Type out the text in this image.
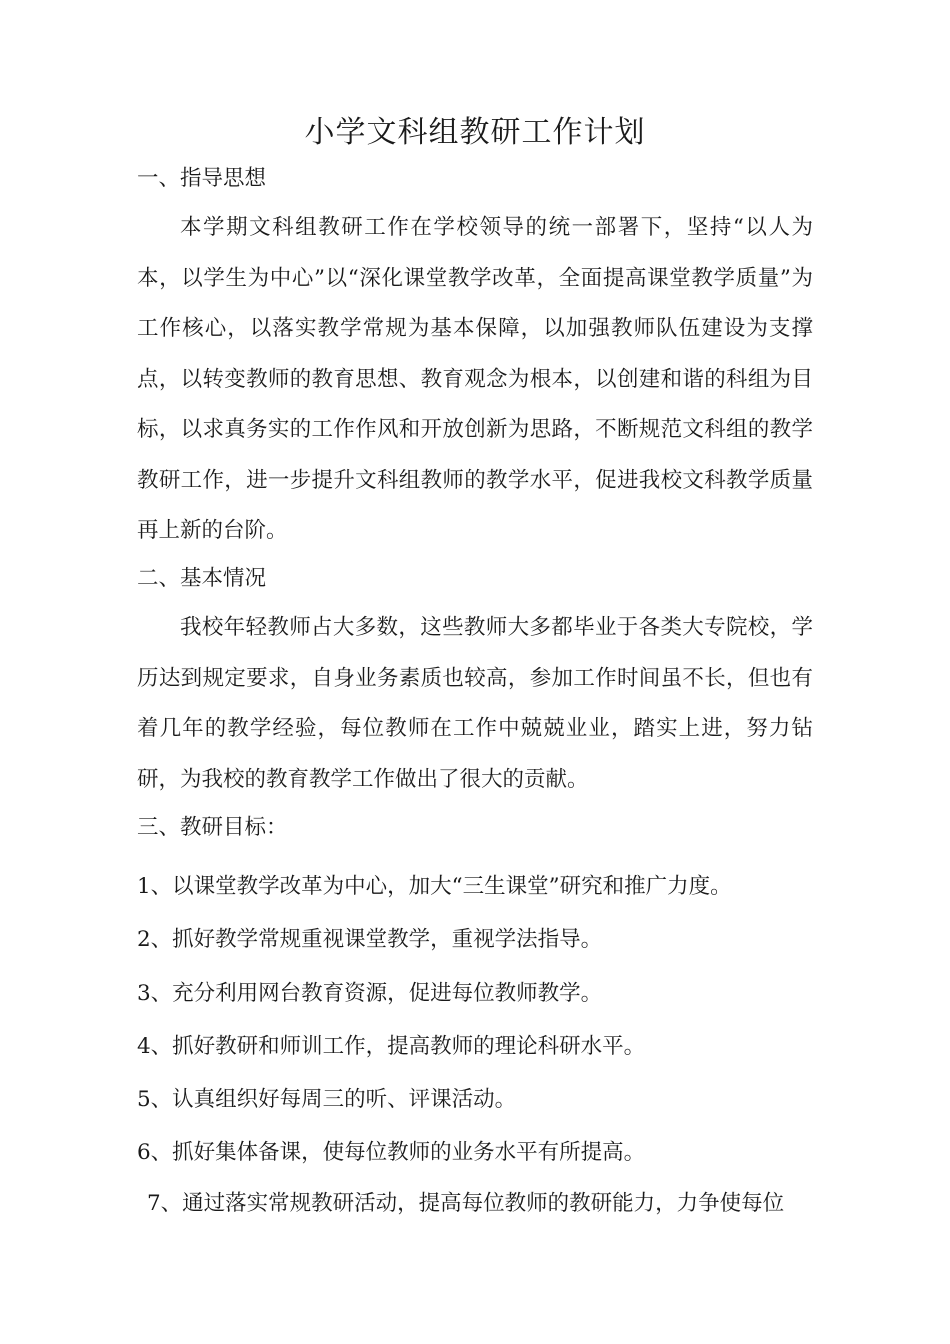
小学文科组教研工作计划
一、指导思想

本学期文科组教研工作在学校领导的统一部署下，坚持“以人为本，以学生为中心”以“深化课堂教学改革，全面提高课堂教学质量”为工作核心，以落实教学常规为基本保障，以加强教师队伍建设为支撑点，以转变教师的教育思想、教育观念为根本，以创建和谐的科组为目标，以求真务实的工作作风和开放创新为思路，不断规范文科组的教学教研工作，进一步提升文科组教师的教学水平，促进我校文科教学质量再上新的台阶。

二、基本情况

我校年轻教师占大多数，这些教师大多都毕业于各类大专院校，学历达到规定要求，自身业务素质也较高，参加工作时间虽不长，但也有着几年的教学经验，每位教师在工作中兢兢业业，踏实上进，努力钻研，为我校的教育教学工作做出了很大的贡献。

三、教研目标：
1、以课堂教学改革为中心，加大“三生课堂”研究和推广力度。
2、抓好教学常规重视课堂教学，重视学法指导。
3、充分利用网台教育资源，促进每位教师教学。
4、抓好教研和师训工作，提高教师的理论科研水平。
5、认真组织好每周三的听、评课活动。
6、抓好集体备课，使每位教师的业务水平有所提高。
7、通过落实常规教研活动，提高每位教师的教研能力，力争使每位
